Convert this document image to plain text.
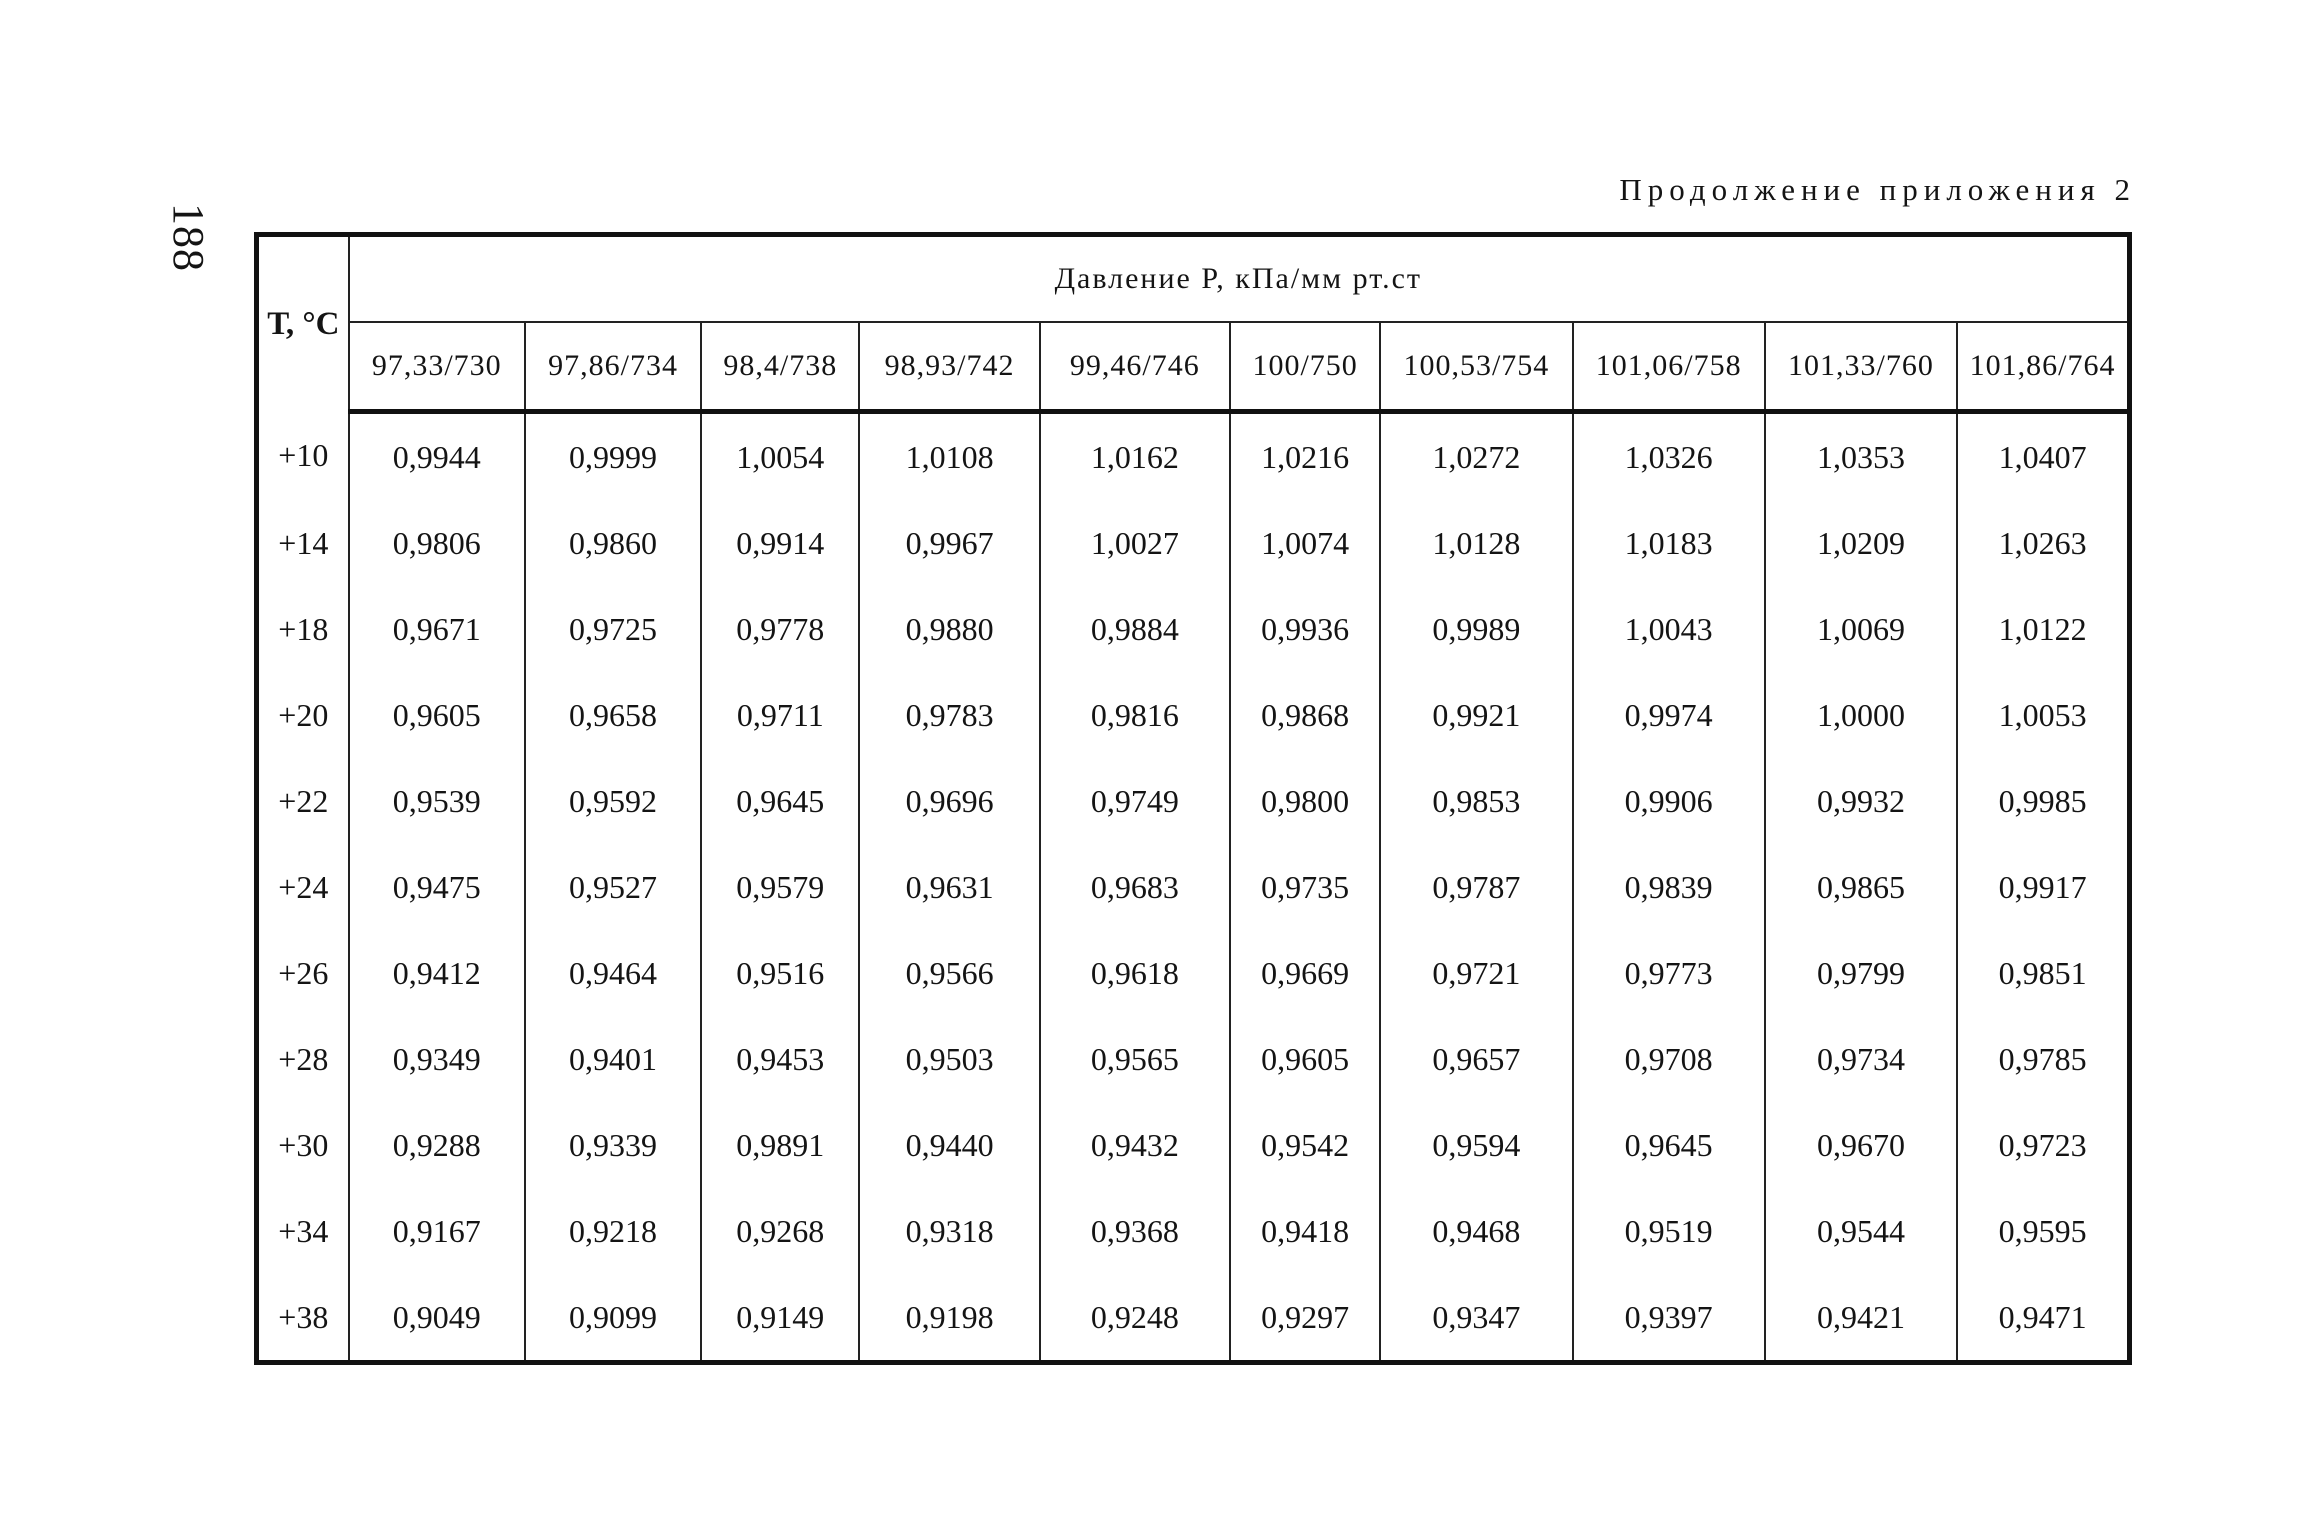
188
Продолжение приложения 2
Т, °С	Давление Р, кПа/мм рт.ст									
	97,33/730	97,86/734	98,4/738	98,93/742	99,46/746	100/750	100,53/754	101,06/758	101,33/760	101,86/764
+10	0,9944	0,9999	1,0054	1,0108	1,0162	1,0216	1,0272	1,0326	1,0353	1,0407
+14	0,9806	0,9860	0,9914	0,9967	1,0027	1,0074	1,0128	1,0183	1,0209	1,0263
+18	0,9671	0,9725	0,9778	0,9880	0,9884	0,9936	0,9989	1,0043	1,0069	1,0122
+20	0,9605	0,9658	0,9711	0,9783	0,9816	0,9868	0,9921	0,9974	1,0000	1,0053
+22	0,9539	0,9592	0,9645	0,9696	0,9749	0,9800	0,9853	0,9906	0,9932	0,9985
+24	0,9475	0,9527	0,9579	0,9631	0,9683	0,9735	0,9787	0,9839	0,9865	0,9917
+26	0,9412	0,9464	0,9516	0,9566	0,9618	0,9669	0,9721	0,9773	0,9799	0,9851
+28	0,9349	0,9401	0,9453	0,9503	0,9565	0,9605	0,9657	0,9708	0,9734	0,9785
+30	0,9288	0,9339	0,9891	0,9440	0,9432	0,9542	0,9594	0,9645	0,9670	0,9723
+34	0,9167	0,9218	0,9268	0,9318	0,9368	0,9418	0,9468	0,9519	0,9544	0,9595
+38	0,9049	0,9099	0,9149	0,9198	0,9248	0,9297	0,9347	0,9397	0,9421	0,9471
